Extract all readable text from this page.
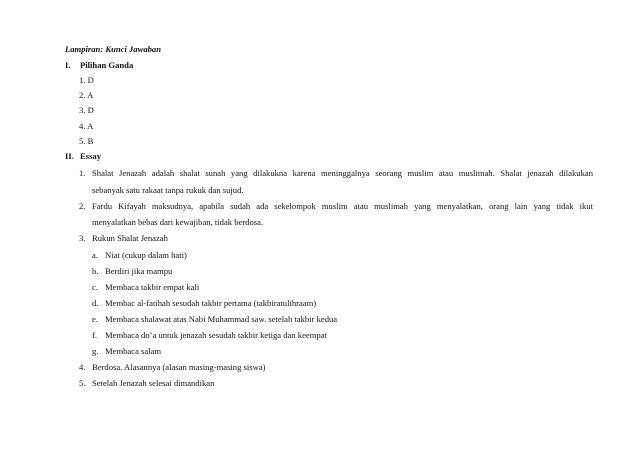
Lampiran: Kunci Jawaban
I. Pilihan Ganda
1. D
2. A
3. D
4. A
5. B
II. Essay
1. Shalat Jenazah adalah shalat sunah yang dilakukna karena meninggalnya seorang muslim atau muslimah. Shalat jenazah dilakukan
sebanyak satu rakaat tanpa rukuk dan sujud.
2. Fardu Kifayah maksudnya, apabila sudah ada sekelompok muslim atau muslimah yang menyalatkan, orang lain yang tidak ikut
menyalatkan bebas dari kewajiban, tidak berdosa.
3. Rukun Shalat Jenazah
a. Niat (cukup dalam hati)
b. Berdiri jika mampu
c. Membaca takbir empat kali
d. Membac al-fatihah sesudah takbir pertama (takbiratulihraam)
e. Membaca shalawat atas Nabi Muhammad saw. setelah takbir kedua
f. Membaca do’a untuk jenazah sesudah takbir ketiga dan keempat
g. Membaca salam
4. Berdosa. Alasannya (alasan masing-masing siswa)
5. Setelah Jenazah selesai dimandikan
